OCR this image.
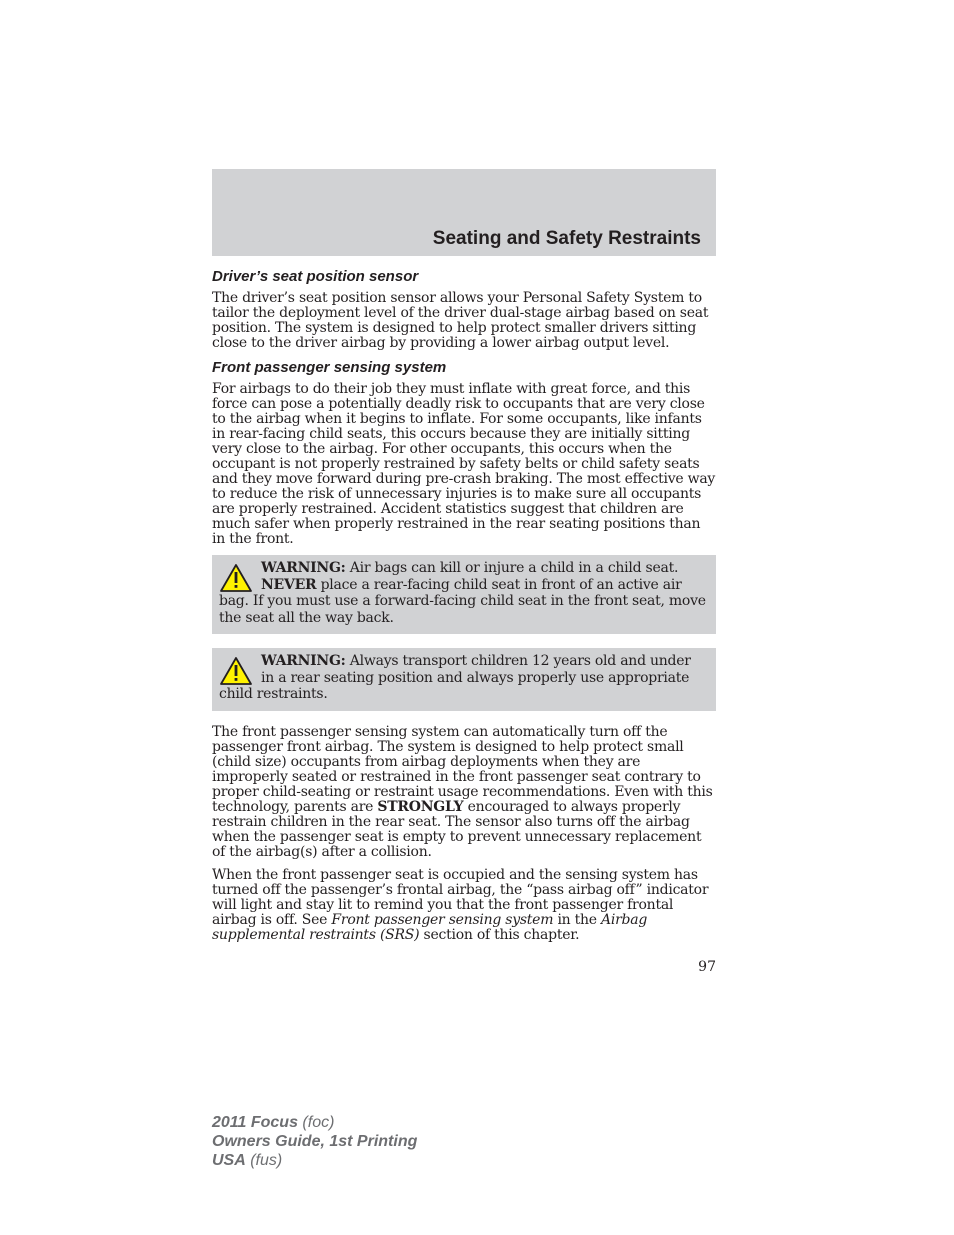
Seating and Safety Restraints
Driver’s seat position sensor

The driver’s seat position sensor allows your Personal Safety System to tailor the deployment level of the driver dual-stage airbag based on seat position. The system is designed to help protect smaller drivers sitting close to the driver airbag by providing a lower airbag output level.

Front passenger sensing system

For airbags to do their job they must inflate with great force, and this force can pose a potentially deadly risk to occupants that are very close to the airbag when it begins to inflate. For some occupants, like infants in rear-facing child seats, this occurs because they are initially sitting very close to the airbag. For other occupants, this occurs when the occupant is not properly restrained by safety belts or child safety seats and they move forward during pre-crash braking. The most effective way to reduce the risk of unnecessary injuries is to make sure all occupants are properly restrained. Accident statistics suggest that children are much safer when properly restrained in the rear seating positions than in the front.

WARNING: Air bags can kill or injure a child in a child seat. NEVER place a rear-facing child seat in front of an active air bag. If you must use a forward-facing child seat in the front seat, move the seat all the way back.

WARNING: Always transport children 12 years old and under in a rear seating position and always properly use appropriate child restraints.

The front passenger sensing system can automatically turn off the passenger front airbag. The system is designed to help protect small (child size) occupants from airbag deployments when they are improperly seated or restrained in the front passenger seat contrary to proper child-seating or restraint usage recommendations. Even with this technology, parents are STRONGLY encouraged to always properly restrain children in the rear seat. The sensor also turns off the airbag when the passenger seat is empty to prevent unnecessary replacement of the airbag(s) after a collision.

When the front passenger seat is occupied and the sensing system has turned off the passenger’s frontal airbag, the “pass airbag off” indicator will light and stay lit to remind you that the front passenger frontal airbag is off. See Front passenger sensing system in the Airbag supplemental restraints (SRS) section of this chapter.

97
2011 Focus (foc)
Owners Guide, 1st Printing
USA (fus)
